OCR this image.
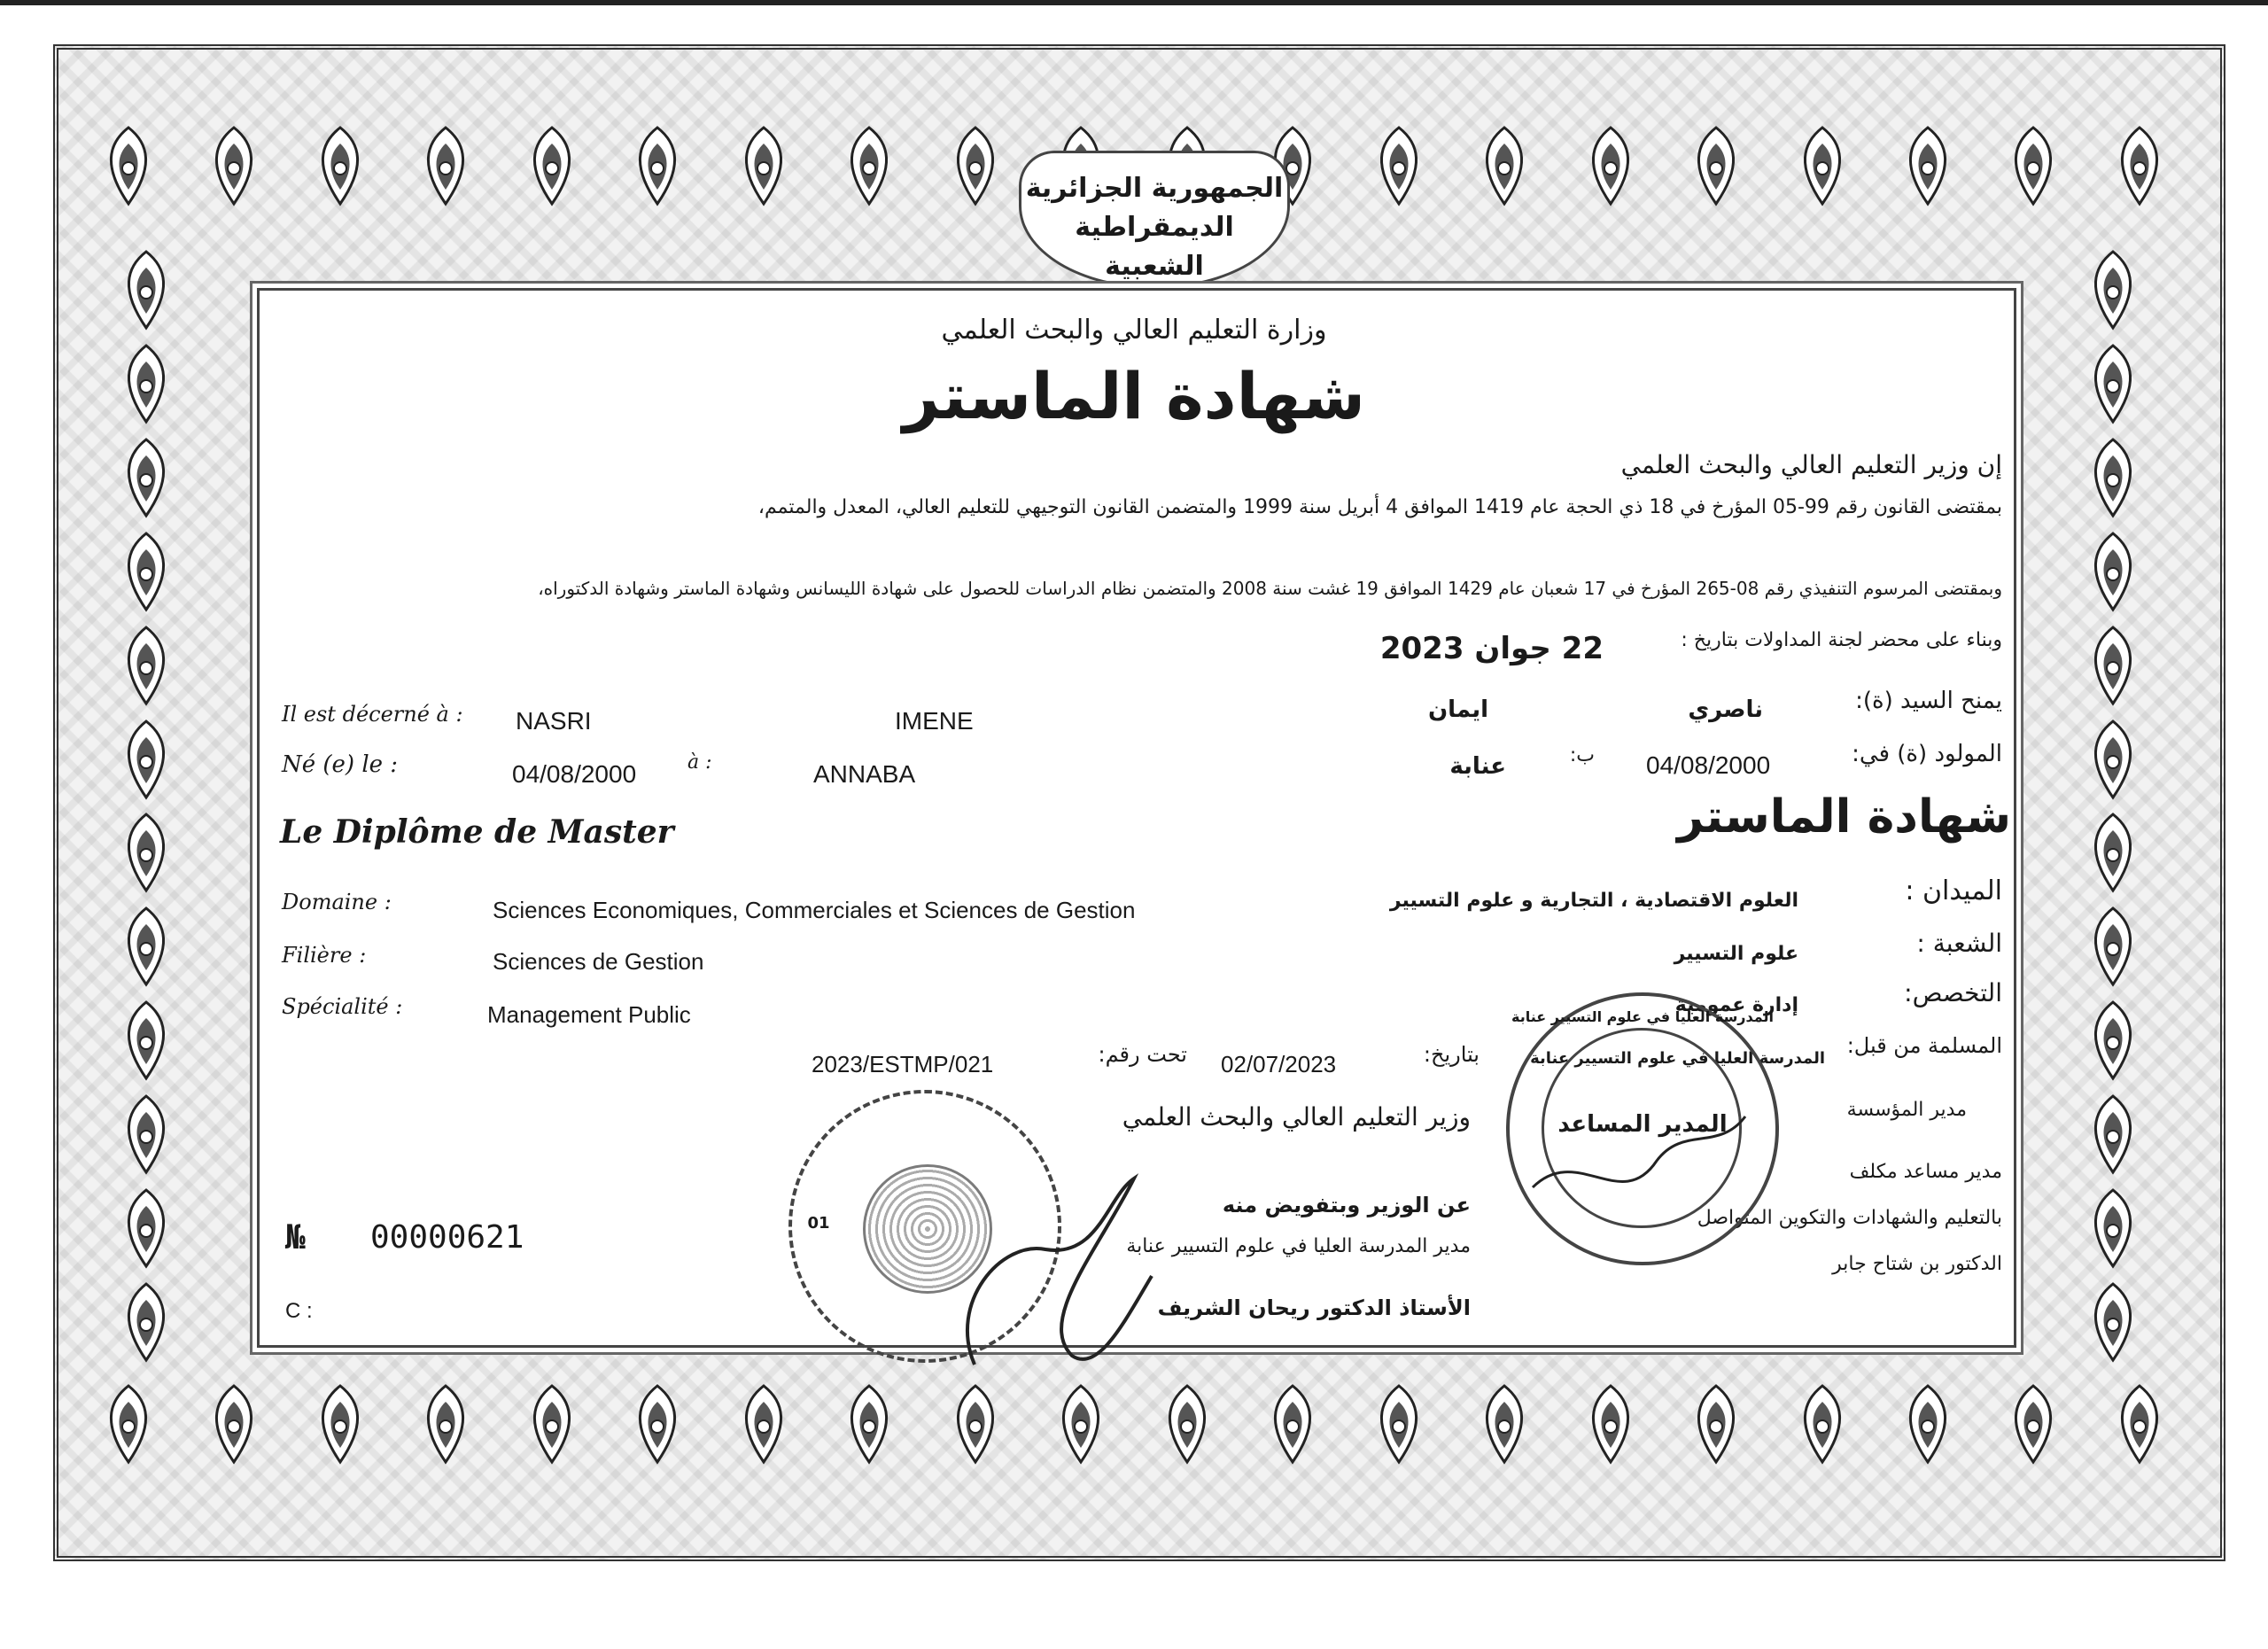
الجمهورية الجزائرية
الديمقراطية الشعبية
وزارة التعليم العالي والبحث العلمي
شهادة الماستر
إن وزير التعليم العالي والبحث العلمي
بمقتضى القانون رقم 99-05 المؤرخ في 18 ذي الحجة عام 1419 الموافق 4 أبريل سنة 1999 والمتضمن القانون التوجيهي للتعليم العالي، المعدل والمتمم،
وبمقتضى المرسوم التنفيذي رقم 08-265 المؤرخ في 17 شعبان عام 1429 الموافق 19 غشت سنة 2008 والمتضمن نظام الدراسات للحصول على شهادة الليسانس وشهادة الماستر وشهادة الدكتوراه،
وبناء على محضر لجنة المداولات بتاريخ :
22 جوان 2023
Il est décerné à : NASRI	IMENE	ايمان	ناصري	يمنح السيد (ة):
Né (e) le :	04/08/2000	à :	ANNABA	عنابة	ب: 04/08/2000	المولود (ة) في:
Le Diplôme de Master	شهادة الماستر
Domaine :	Sciences Economiques, Commerciales et Sciences de Gestion	العلوم الاقتصادية ، التجارية و علوم التسيير	الميدان :
Filière :	Sciences de Gestion	علوم التسيير	الشعبة :
Spécialité :	Management Public	إدارة عمومية	التخصص:
المدرسة العليا في علوم التسيير عنابة
المسلمة من قبل:
2023/ESTMP/021	تحت رقم: 02/07/2023	بتاريخ:
وزير التعليم العالي والبحث العلمي
عن الوزير وبتفويض منه
مدير المدرسة العليا في علوم التسيير عنابة
الأستاذ الدكتور ريحان الشريف
مدير المؤسسة
مدير مساعد مكلف
بالتعليم والشهادات والتكوين المتواصل
الدكتور بن شتاح جابر
المدرسة العليا في علوم التسيير عنابة
المدير المساعد
01
№ 00000621
C :
